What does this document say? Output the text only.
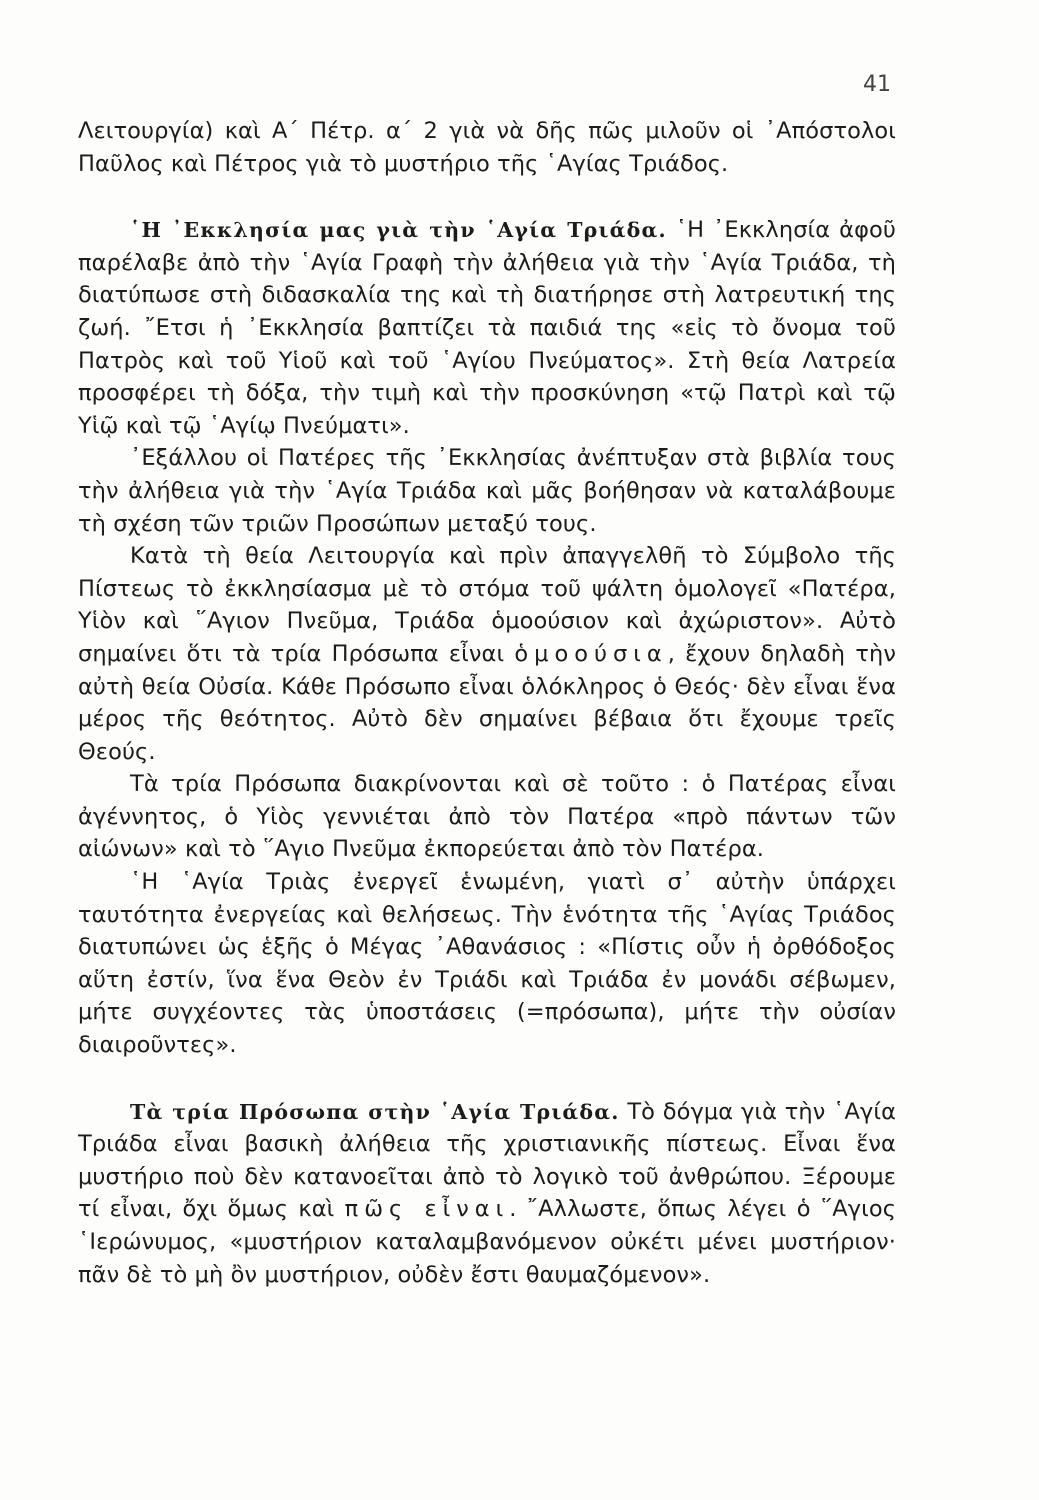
41

Λειτουργία) καὶ Α΄ Πέτρ. α΄ 2 γιὰ νὰ δῆς πῶς μιλοῦν οἱ ᾿Απόστολοι Παῦλος καὶ Πέτρος γιὰ τὸ μυστήριο τῆς ῾Αγίας Τριάδος.

῾Η ᾿Εκκλησία μας γιὰ τὴν ῾Αγία Τριάδα. ῾Η ᾿Εκκλησία ἀφοῦ παρέλαβε ἀπὸ τὴν ῾Αγία Γραφὴ τὴν ἀλήθεια γιὰ τὴν ῾Αγία Τριάδα, τὴ διατύπωσε στὴ διδασκαλία της καὶ τὴ διατήρησε στὴ λατρευτική της ζωή. ῎Ετσι ἡ ᾿Εκκλησία βαπτίζει τὰ παιδιά της «εἰς τὸ ὄνομα τοῦ Πατρὸς καὶ τοῦ Υἱοῦ καὶ τοῦ ῾Αγίου Πνεύματος». Στὴ θεία Λατρεία προσφέρει τὴ δόξα, τὴν τιμὴ καὶ τὴν προσκύνηση «τῷ Πατρὶ καὶ τῷ Υἱῷ καὶ τῷ ῾Αγίῳ Πνεύματι».

᾿Εξάλλου οἱ Πατέρες τῆς ᾿Εκκλησίας ἀνέπτυξαν στὰ βιβλία τους τὴν ἀλήθεια γιὰ τὴν ῾Αγία Τριάδα καὶ μᾶς βοήθησαν νὰ καταλάβουμε τὴ σχέση τῶν τριῶν Προσώπων μεταξύ τους.

Κατὰ τὴ θεία Λειτουργία καὶ πρὶν ἀπαγγελθῆ τὸ Σύμβολο τῆς Πίστεως τὸ ἐκκλησίασμα μὲ τὸ στόμα τοῦ ψάλτη ὁμολογεῖ «Πατέρα, Υἱὸν καὶ ῞Αγιον Πνεῦμα, Τριάδα ὁμοούσιον καὶ ἀχώριστον». Αὐτὸ σημαίνει ὅτι τὰ τρία Πρόσωπα εἶναι ὁμοούσια, ἔχουν δηλαδὴ τὴν αὐτὴ θεία Οὐσία. Κάθε Πρόσωπο εἶναι ὁλόκληρος ὁ Θεός· δὲν εἶναι ἕνα μέρος τῆς θεότητος. Αὐτὸ δὲν σημαίνει βέβαια ὅτι ἔχουμε τρεῖς Θεούς.

Τὰ τρία Πρόσωπα διακρίνονται καὶ σὲ τοῦτο : ὁ Πατέρας εἶναι ἀγέννητος, ὁ Υἱὸς γεννιέται ἀπὸ τὸν Πατέρα «πρὸ πάντων τῶν αἰώνων» καὶ τὸ ῞Αγιο Πνεῦμα ἐκπορεύεται ἀπὸ τὸν Πατέρα.

῾Η ῾Αγία Τριὰς ἐνεργεῖ ἑνωμένη, γιατὶ σ᾿ αὐτὴν ὑπάρχει ταυτότητα ἐνεργείας καὶ θελήσεως. Τὴν ἑνότητα τῆς ῾Αγίας Τριάδος διατυπώνει ὡς ἑξῆς ὁ Μέγας ᾿Αθανάσιος : «Πίστις οὖν ἡ ὀρθόδοξος αὕτη ἐστίν, ἵνα ἕνα Θεὸν ἐν Τριάδι καὶ Τριάδα ἐν μονάδι σέβωμεν, μήτε συγχέοντες τὰς ὑποστάσεις (=πρόσωπα), μήτε τὴν οὐσίαν διαιροῦντες».

Τὰ τρία Πρόσωπα στὴν ῾Αγία Τριάδα. Τὸ δόγμα γιὰ τὴν ῾Αγία Τριάδα εἶναι βασικὴ ἀλήθεια τῆς χριστιανικῆς πίστεως. Εἶναι ἕνα μυστήριο ποὺ δὲν κατανοεῖται ἀπὸ τὸ λογικὸ τοῦ ἀνθρώπου. Ξέρουμε τί εἶναι, ὄχι ὅμως καὶ πῶς εἶναι. ῎Αλλωστε, ὅπως λέγει ὁ ῞Αγιος ῾Ιερώνυμος, «μυστήριον καταλαμβανόμενον οὐκέτι μένει μυστήριον· πᾶν δὲ τὸ μὴ ὂν μυστήριον, οὐδὲν ἔστι θαυμαζόμενον».
